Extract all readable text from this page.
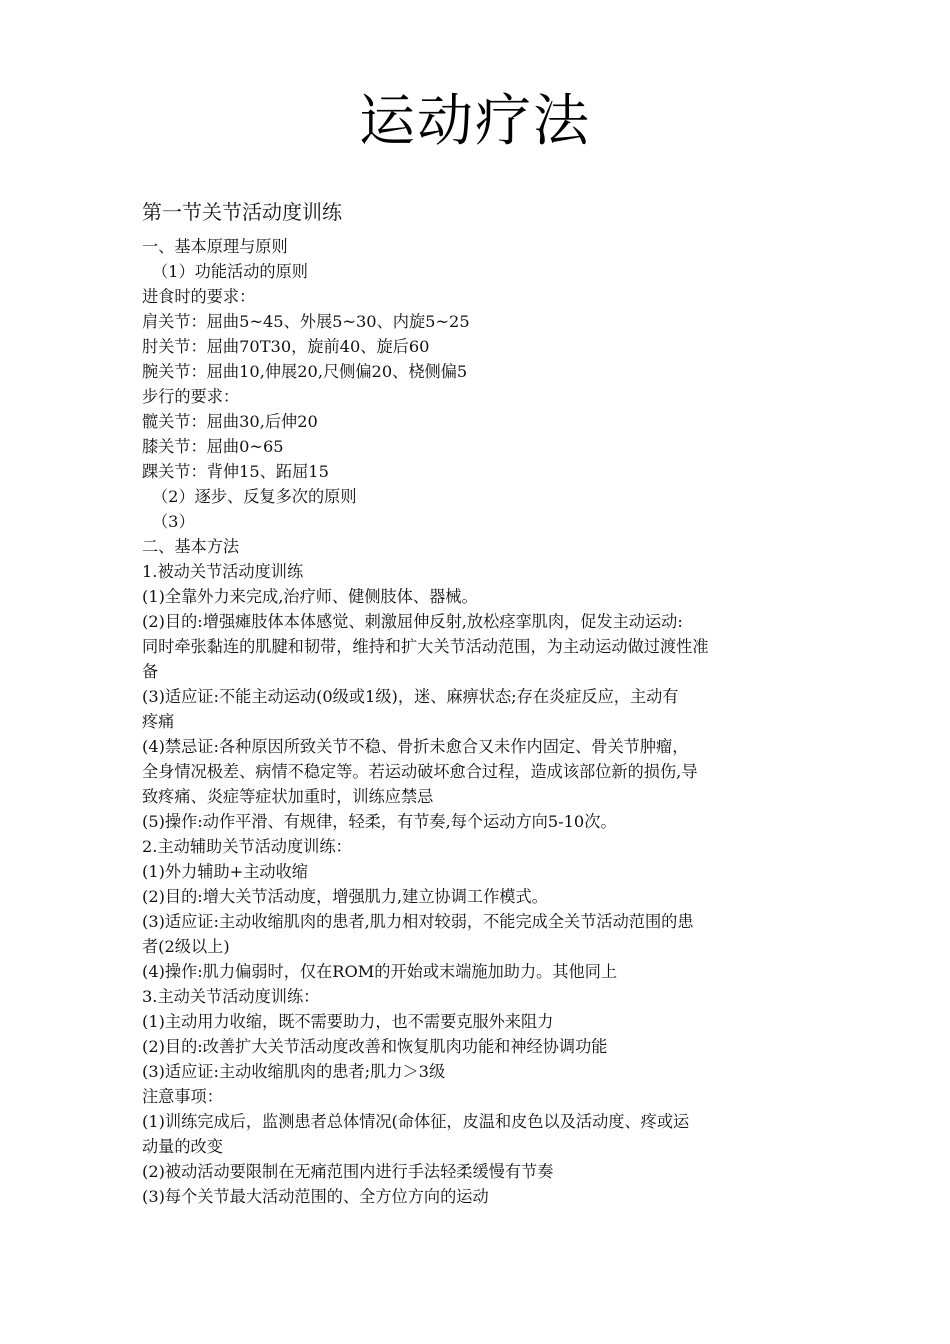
运动疗法
第一节关节活动度训练
一、基本原理与原则
（1）功能活动的原则
进食时的要求：
肩关节：屈曲5~45、外展5~30、内旋5~25
肘关节：屈曲70T30，旋前40、旋后60
腕关节：屈曲10,伸展20,尺侧偏20、桡侧偏5
步行的要求：
髋关节：屈曲30,后伸20
膝关节：屈曲0~65
踝关节：背伸15、跖屈15
（2）逐步、反复多次的原则
（3）
二、基本方法
1.被动关节活动度训练
(1)全靠外力来完成,治疗师、健侧肢体、器械。
(2)目的:增强瘫肢体本体感觉、刺激屈伸反射,放松痉挛肌肉，促发主动运动:
同时牵张黏连的肌腱和韧带，维持和扩大关节活动范围，为主动运动做过渡性准
备
(3)适应证:不能主动运动(0级或1级)，迷、麻痹状态;存在炎症反应，主动有
疼痛
(4)禁忌证:各种原因所致关节不稳、骨折未愈合又未作内固定、骨关节肿瘤，
全身情况极差、病情不稳定等。若运动破坏愈合过程，造成该部位新的损伤,导
致疼痛、炎症等症状加重时，训练应禁忌
(5)操作:动作平滑、有规律，轻柔，有节奏,每个运动方向5-10次。
2.主动辅助关节活动度训练：
(1)外力辅助+主动收缩
(2)目的:增大关节活动度，增强肌力,建立协调工作模式。
(3)适应证:主动收缩肌肉的患者,肌力相对较弱，不能完成全关节活动范围的患
者(2级以上)
(4)操作:肌力偏弱时，仅在ROM的开始或末端施加助力。其他同上
3.主动关节活动度训练：
(1)主动用力收缩，既不需要助力，也不需要克服外来阻力
(2)目的:改善扩大关节活动度改善和恢复肌肉功能和神经协调功能
(3)适应证:主动收缩肌肉的患者;肌力＞3级
注意事项：
(1)训练完成后，监测患者总体情况(命体征，皮温和皮色以及活动度、疼或运
动量的改变
(2)被动活动要限制在无痛范围内进行手法轻柔缓慢有节奏
(3)每个关节最大活动范围的、全方位方向的运动
